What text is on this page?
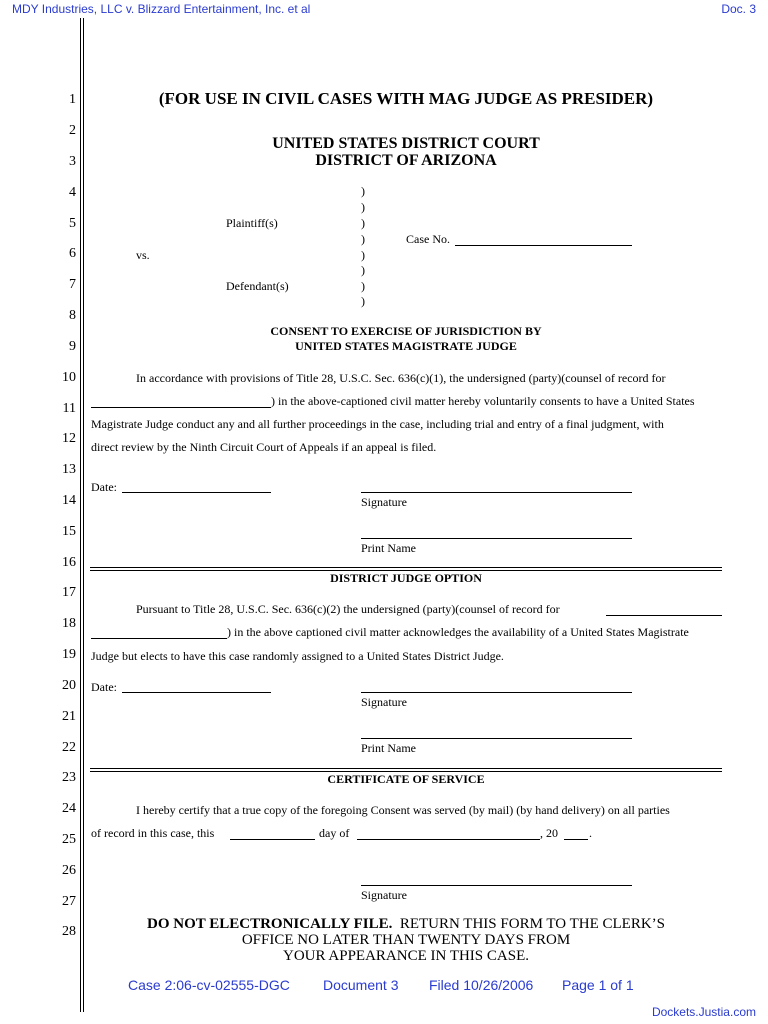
MDY Industries, LLC v. Blizzard Entertainment, Inc. et al	Doc. 3
1
2
3
4
5
6
7
8
9
10
11
12
13
14
15
16
17
18
19
20
21
22
23
24
25
26
27
28
(FOR USE IN CIVIL CASES WITH MAG JUDGE AS PRESIDER)
UNITED STATES DISTRICT COURT
DISTRICT OF ARIZONA
Plaintiff(s)
vs.
Defendant(s)
)
)
)
)
)
)
)
)
Case No.
CONSENT TO EXERCISE OF JURISDICTION BY
UNITED STATES MAGISTRATE JUDGE
In accordance with provisions of Title 28, U.S.C. Sec. 636(c)(1), the undersigned (party)(counsel of record for
) in the above-captioned civil matter hereby voluntarily consents to have a United States
Magistrate Judge conduct any and all further proceedings in the case, including trial and entry of a final judgment, with
direct review by the Ninth Circuit Court of Appeals if an appeal is filed.
Date:
Signature
Print Name
DISTRICT JUDGE OPTION
Pursuant to Title 28, U.S.C. Sec. 636(c)(2) the undersigned (party)(counsel of record for
) in the above captioned civil matter acknowledges the availability of a United States Magistrate
Judge but elects to have this case randomly assigned to a United States District Judge.
Date:
Signature
Print Name
CERTIFICATE OF SERVICE
I hereby certify that a true copy of the foregoing Consent was served (by mail) (by hand delivery) on all parties
of record in this case, this	day of	, 20	.
Signature
DO NOT ELECTRONICALLY FILE. RETURN THIS FORM TO THE CLERK’S
OFFICE NO LATER THAN TWENTY DAYS FROM
YOUR APPEARANCE IN THIS CASE.
Case 2:06-cv-02555-DGC Document 3 Filed 10/26/2006 Page 1 of 1
Dockets.Justia.com
